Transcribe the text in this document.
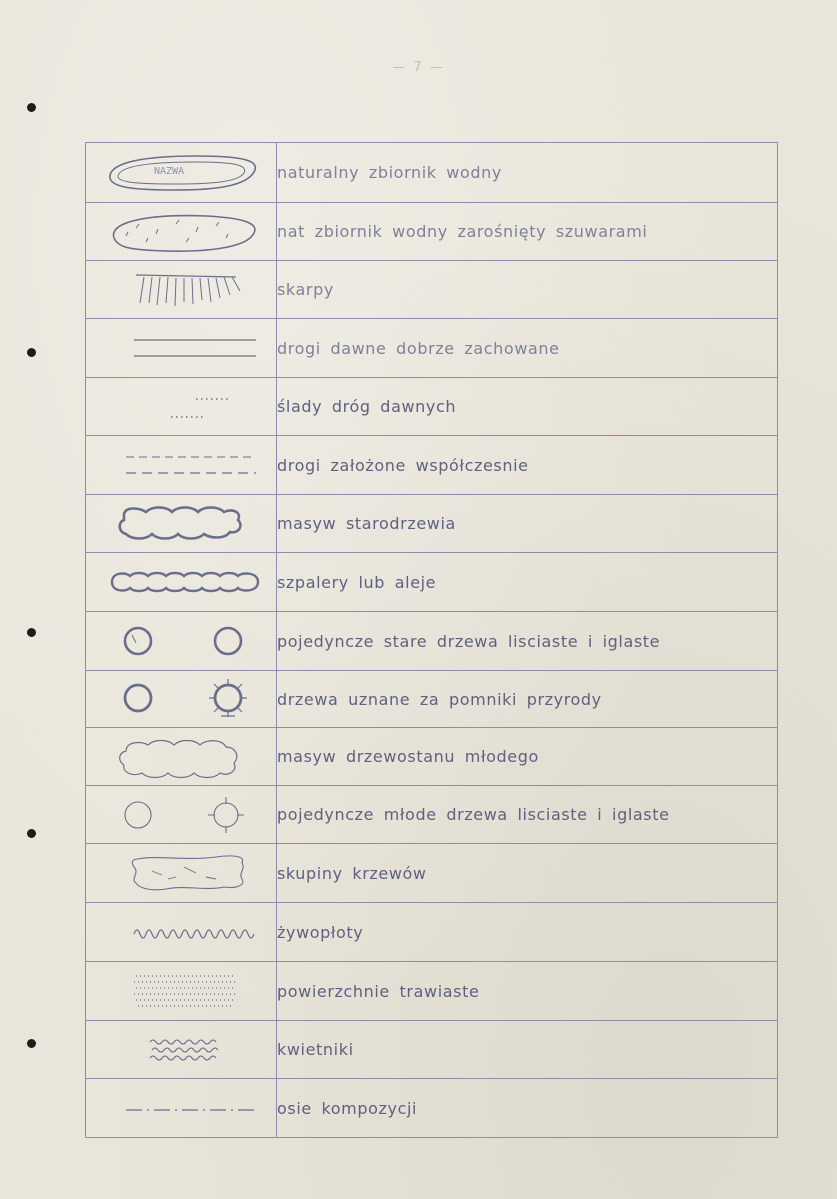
— 7 —
NAZWA	naturalny zbiornik wodny

	nat zbiornik wodny zarośnięty szuwarami

	skarpy

	drogi dawne dobrze zachowane

	ślady dróg dawnych

	drogi założone współczesnie

	masyw starodrzewia

	szpalery lub aleje

	pojedyncze stare drzewa lisciaste i iglaste

	drzewa uznane za pomniki przyrody

	masyw drzewostanu młodego

	pojedyncze młode drzewa lisciaste i iglaste

	skupiny krzewów

	żywopłoty

	powierzchnie trawiaste

	kwietniki

	osie kompozycji
